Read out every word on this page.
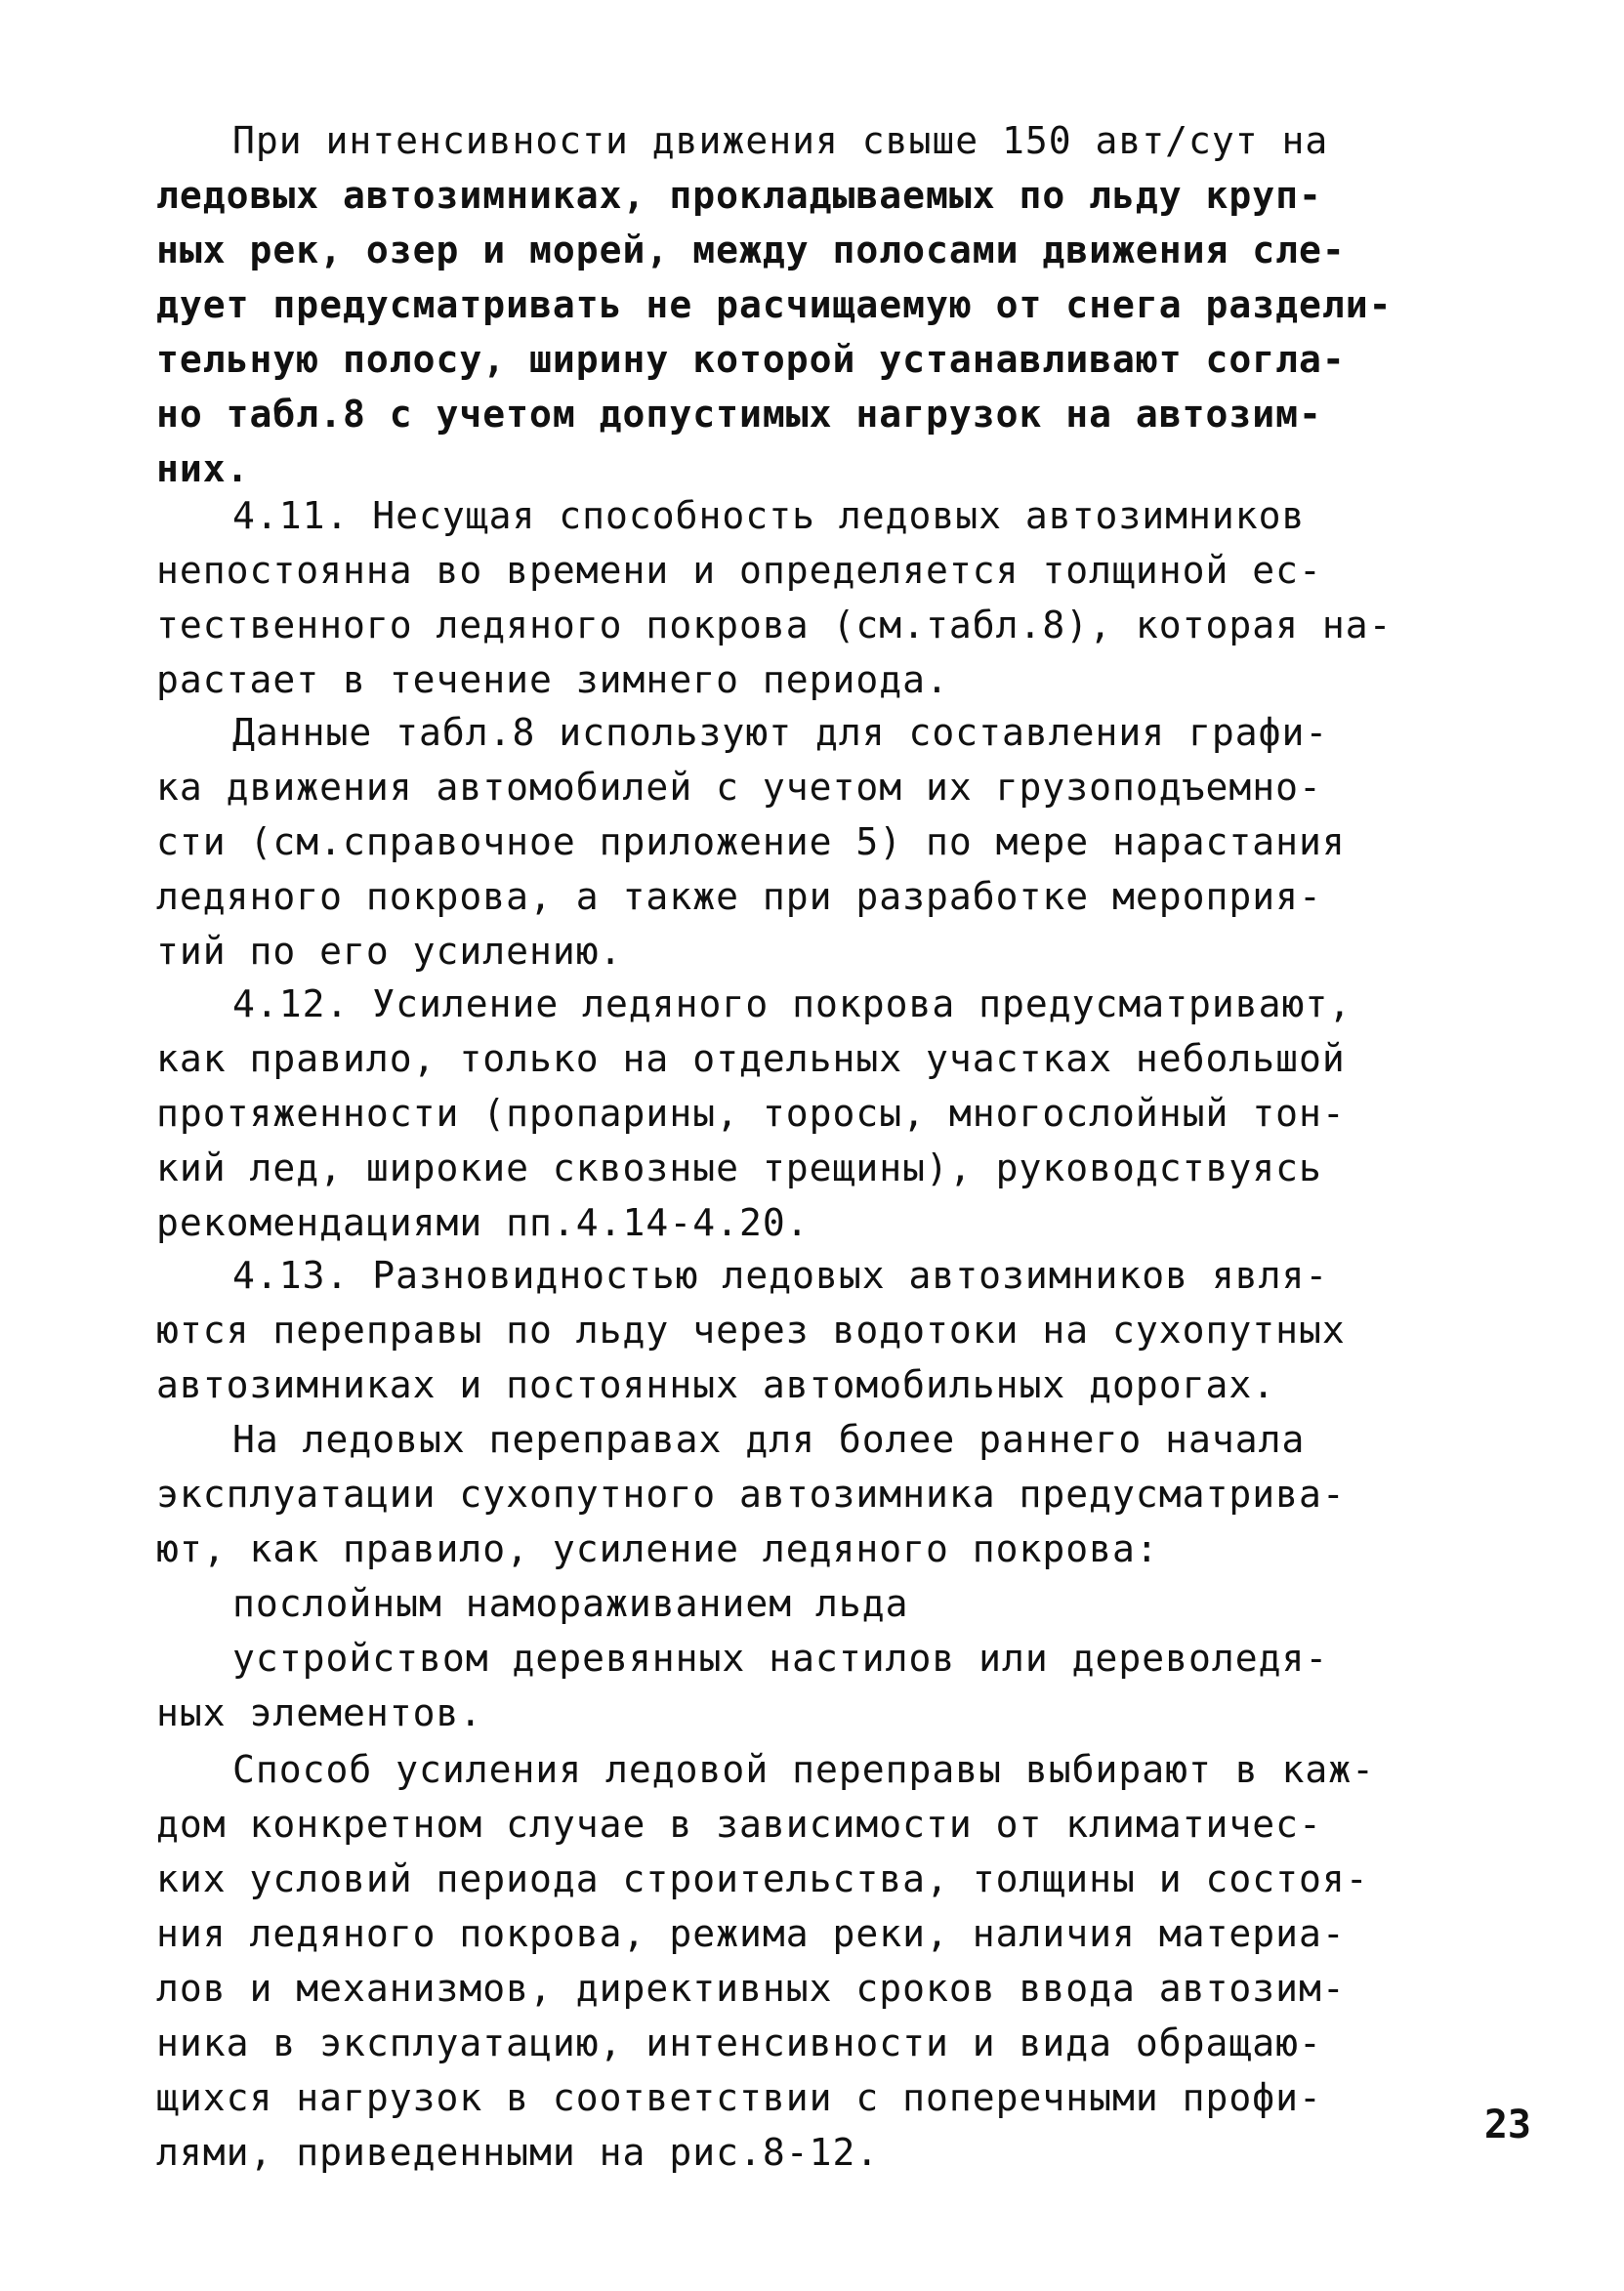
При интенсивности движения свыше 150 авт/сут на
ледовых автозимниках, прокладываемых по льду круп-
ных рек, озер и морей, между полосами движения сле-
дует предусматривать не расчищаемую от снега раздели-
тельную полосу, ширину которой устанавливают согла-
но табл.8 с учетом допустимых нагрузок на автозим-
них.
4.11. Несущая способность ледовых автозимников
непостоянна во времени и определяется толщиной ес-
тественного ледяного покрова (см.табл.8), которая на-
растает в течение зимнего периода.
Данные табл.8 используют для составления графи-
ка движения автомобилей с учетом их грузоподъемно-
сти (см.справочное приложение 5) по мере нарастания
ледяного покрова, а также при разработке мероприя-
тий по его усилению.
4.12. Усиление ледяного покрова предусматривают,
как правило, только на отдельных участках небольшой
протяженности (пропарины, торосы, многослойный тон-
кий лед, широкие сквозные трещины), руководствуясь
рекомендациями пп.4.14-4.20.
4.13. Разновидностью ледовых автозимников явля-
ются переправы по льду через водотоки на сухопутных
автозимниках и постоянных автомобильных дорогах.
На ледовых переправах для более раннего начала
эксплуатации сухопутного автозимника предусматрива-
ют, как правило, усиление ледяного покрова:
послойным намораживанием льда
устройством деревянных настилов или дереволедя-
ных элементов.
Способ усиления ледовой переправы выбирают в каж-
дом конкретном случае в зависимости от климатичес-
ких условий периода строительства, толщины и состоя-
ния ледяного покрова, режима реки, наличия материа-
лов и механизмов, директивных сроков ввода автозим-
ника в эксплуатацию, интенсивности и вида обращаю-
щихся нагрузок в соответствии с поперечными профи-
лями, приведенными на рис.8-12.
23
